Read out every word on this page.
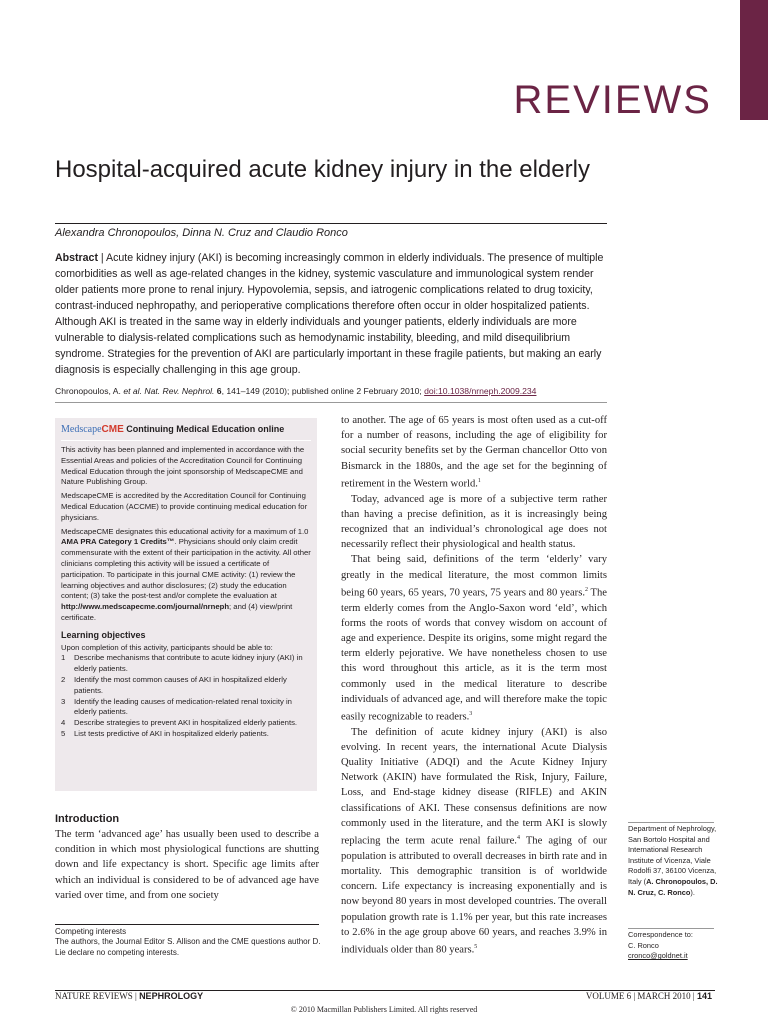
REVIEWS
Hospital-acquired acute kidney injury in the elderly
Alexandra Chronopoulos, Dinna N. Cruz and Claudio Ronco
Abstract | Acute kidney injury (AKI) is becoming increasingly common in elderly individuals. The presence of multiple comorbidities as well as age-related changes in the kidney, systemic vasculature and immunological system render older patients more prone to renal injury. Hypovolemia, sepsis, and iatrogenic complications related to drug toxicity, contrast-induced nephropathy, and perioperative complications therefore often occur in older hospitalized patients. Although AKI is treated in the same way in elderly individuals and younger patients, elderly individuals are more vulnerable to dialysis-related complications such as hemodynamic instability, bleeding, and mild disequilibrium syndrome. Strategies for the prevention of AKI are particularly important in these fragile patients, but making an early diagnosis is especially challenging in this age group.
Chronopoulos, A. et al. Nat. Rev. Nephrol. 6, 141–149 (2010); published online 2 February 2010; doi:10.1038/nrneph.2009.234
MedscapeCME Continuing Medical Education online

This activity has been planned and implemented in accordance with the Essential Areas and policies of the Accreditation Council for Continuing Medical Education through the joint sponsorship of MedscapeCME and Nature Publishing Group.

MedscapeCME is accredited by the Accreditation Council for Continuing Medical Education (ACCME) to provide continuing medical education for physicians.

MedscapeCME designates this educational activity for a maximum of 1.0 AMA PRA Category 1 Credits™. Physicians should only claim credit commensurate with the extent of their participation in the activity. All other clinicians completing this activity will be issued a certificate of participation. To participate in this journal CME activity: (1) review the learning objectives and author disclosures; (2) study the education content; (3) take the post-test and/or complete the evaluation at http://www.medscapecme.com/journal/nrneph; and (4) view/print certificate.

Learning objectives
Upon completion of this activity, participants should be able to:
1 Describe mechanisms that contribute to acute kidney injury (AKI) in elderly patients.
2 Identify the most common causes of AKI in hospitalized elderly patients.
3 Identify the leading causes of medication-related renal toxicity in elderly patients.
4 Describe strategies to prevent AKI in hospitalized elderly patients.
5 List tests predictive of AKI in hospitalized elderly patients.
Introduction
The term ‘advanced age’ has usually been used to describe a condition in which most physiological functions are shutting down and life expectancy is short. Specific age limits after which an individual is considered to be of advanced age have varied over time, and from one society
Competing interests
The authors, the Journal Editor S. Allison and the CME questions author D. Lie declare no competing interests.

to another. The age of 65 years is most often used as a cut-off for a number of reasons, including the age of eligibility for social security benefits set by the German chancellor Otto von Bismarck in the 1880s, and the age set for the beginning of retirement in the Western world.$^1$

Today, advanced age is more of a subjective term rather than having a precise definition, as it is increasingly being recognized that an individual’s chronological age does not necessarily reflect their physiological and health status.

That being said, definitions of the term ‘elderly’ vary greatly in the medical literature, the most common limits being 60 years, 65 years, 70 years, 75 years and 80 years.$^2$ The term elderly comes from the Anglo-Saxon word ‘eld’, which forms the roots of words that convey wisdom on account of age and experience. Despite its origins, some might regard the term elderly pejorative. We have nonetheless chosen to use this word throughout this article, as it is the term most commonly used in the medical literature to describe individuals of advanced age, and will therefore make the topic easily recognizable to readers.$^3$

The definition of acute kidney injury (AKI) is also evolving. In recent years, the international Acute Dialysis Quality Initiative (ADQI) and the Acute Kidney Injury Network (AKIN) have formulated the Risk, Injury, Failure, Loss, and End-stage kidney disease (RIFLE) and AKIN classifications of AKI. These consensus definitions are now commonly used in the literature, and the term AKI is slowly replacing the term acute renal failure.$^4$ The aging of our population is attributed to overall decreases in birth rate and in mortality. This demographic transition is of worldwide concern. Life expectancy is increasing exponentially and is now beyond 80 years in most developed countries. The overall population growth rate is 1.1% per year, but this rate increases to 2.6% in the age group above 60 years, and reaches 3.9% in individuals older than 80 years.$^5$

Department of Nephrology, San Bortolo Hospital and International Research Institute of Vicenza, Viale Rodolfi 37, 36100 Vicenza, Italy (A. Chronopoulos, D. N. Cruz, C. Ronco).
Correspondence to:
C. Ronco
cronco@goldnet.it
NATURE REVIEWS | NEPHROLOGY	VOLUME 6 | MARCH 2010 | 141
© 2010 Macmillan Publishers Limited. All rights reserved
